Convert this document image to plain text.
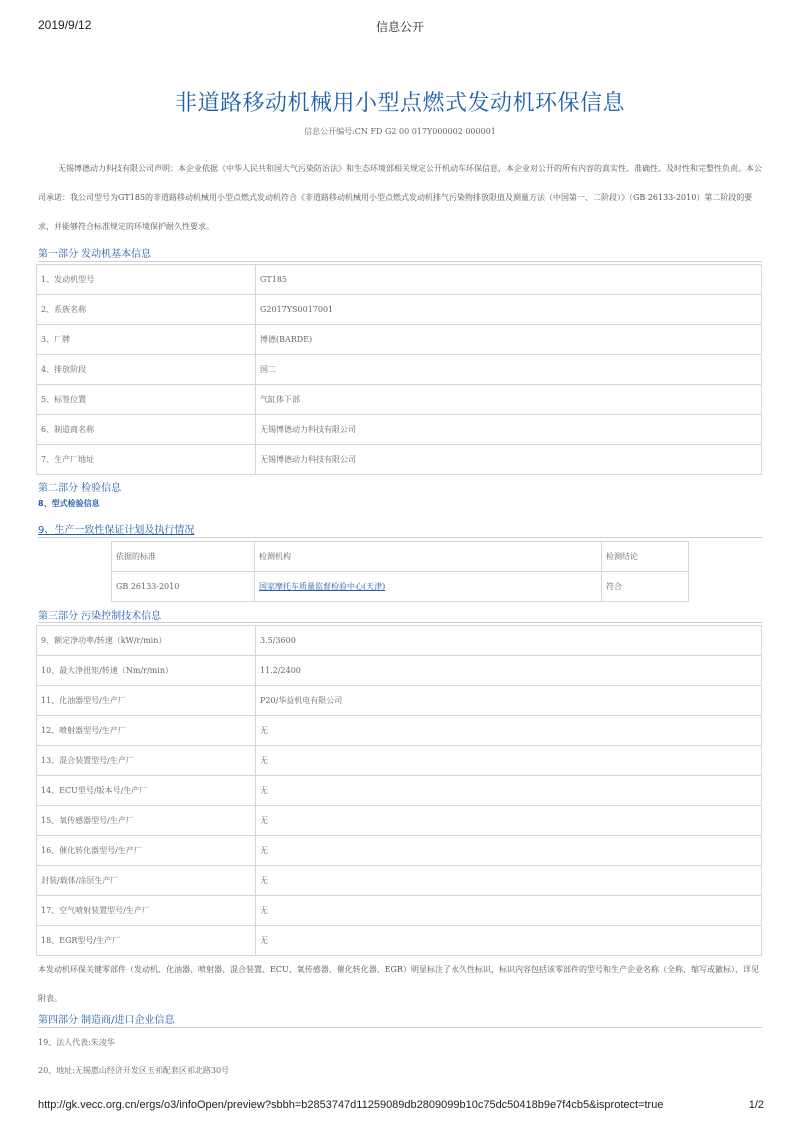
2019/9/12	信息公开
非道路移动机械用小型点燃式发动机环保信息
信息公开编号:CN FD G2 00 017Y000002 000001
无锡博德动力科技有限公司声明：本企业依据《中华人民共和国大气污染防治法》和生态环境部相关规定公开机动车环保信息，本企业对公开的所有内容的真实性、准确性、及时性和完整性负责。本公司承诺：我公司型号为GT185的非道路移动机械用小型点燃式发动机符合《非道路移动机械用小型点燃式发动机排气污染物排放限值及测量方法（中国第一、二阶段）》（GB 26133-2010）第二阶段的要求，并能够符合标准规定的环境保护耐久性要求。
第一部分 发动机基本信息
1、发动机型号	GT185
2、系族名称	G2017YS0017001
3、厂牌	博德(BARDE)
4、排放阶段	国二
5、标签位置	气缸体下部
6、制造商名称	无锡博德动力科技有限公司
7、生产厂地址	无锡博德动力科技有限公司
第二部分 检验信息
8、型式检验信息
9、生产一致性保证计划及执行情况
依据的标准	检测机构	检测结论
GB 26133-2010	国家摩托车质量监督检验中心(天津)	符合
第三部分 污染控制技术信息
9、额定净功率/转速（kW/r/min）	3.5/3600
10、最大净扭矩/转速（Nm/r/min）	11.2/2400
11、化油器型号/生产厂	P20/华益机电有限公司
12、喷射器型号/生产厂	无
13、混合装置型号/生产厂	无
14、ECU型号/版本号/生产厂	无
15、氧传感器型号/生产厂	无
16、催化转化器型号/生产厂	无
封装/载体/涂层生产厂	无
17、空气喷射装置型号/生产厂	无
18、EGR型号/生产厂	无
本发动机环保关键零部件（发动机、化油器、喷射器、混合装置、ECU、氧传感器、催化转化器、EGR）明显标注了永久性标识，标识内容包括该零部件的型号和生产企业名称（全称、缩写或徽标），详见附表。
第四部分 制造商/进口企业信息
19、法人代表:朱凌华
20、地址:无锡惠山经济开发区玉祁配套区祁北路30号
http://gk.vecc.org.cn/ergs/o3/infoOpen/preview?sbbh=b2853747d11259089db2809099b10c75dc50418b9e7f4cb5&isprotect=true	1/2
